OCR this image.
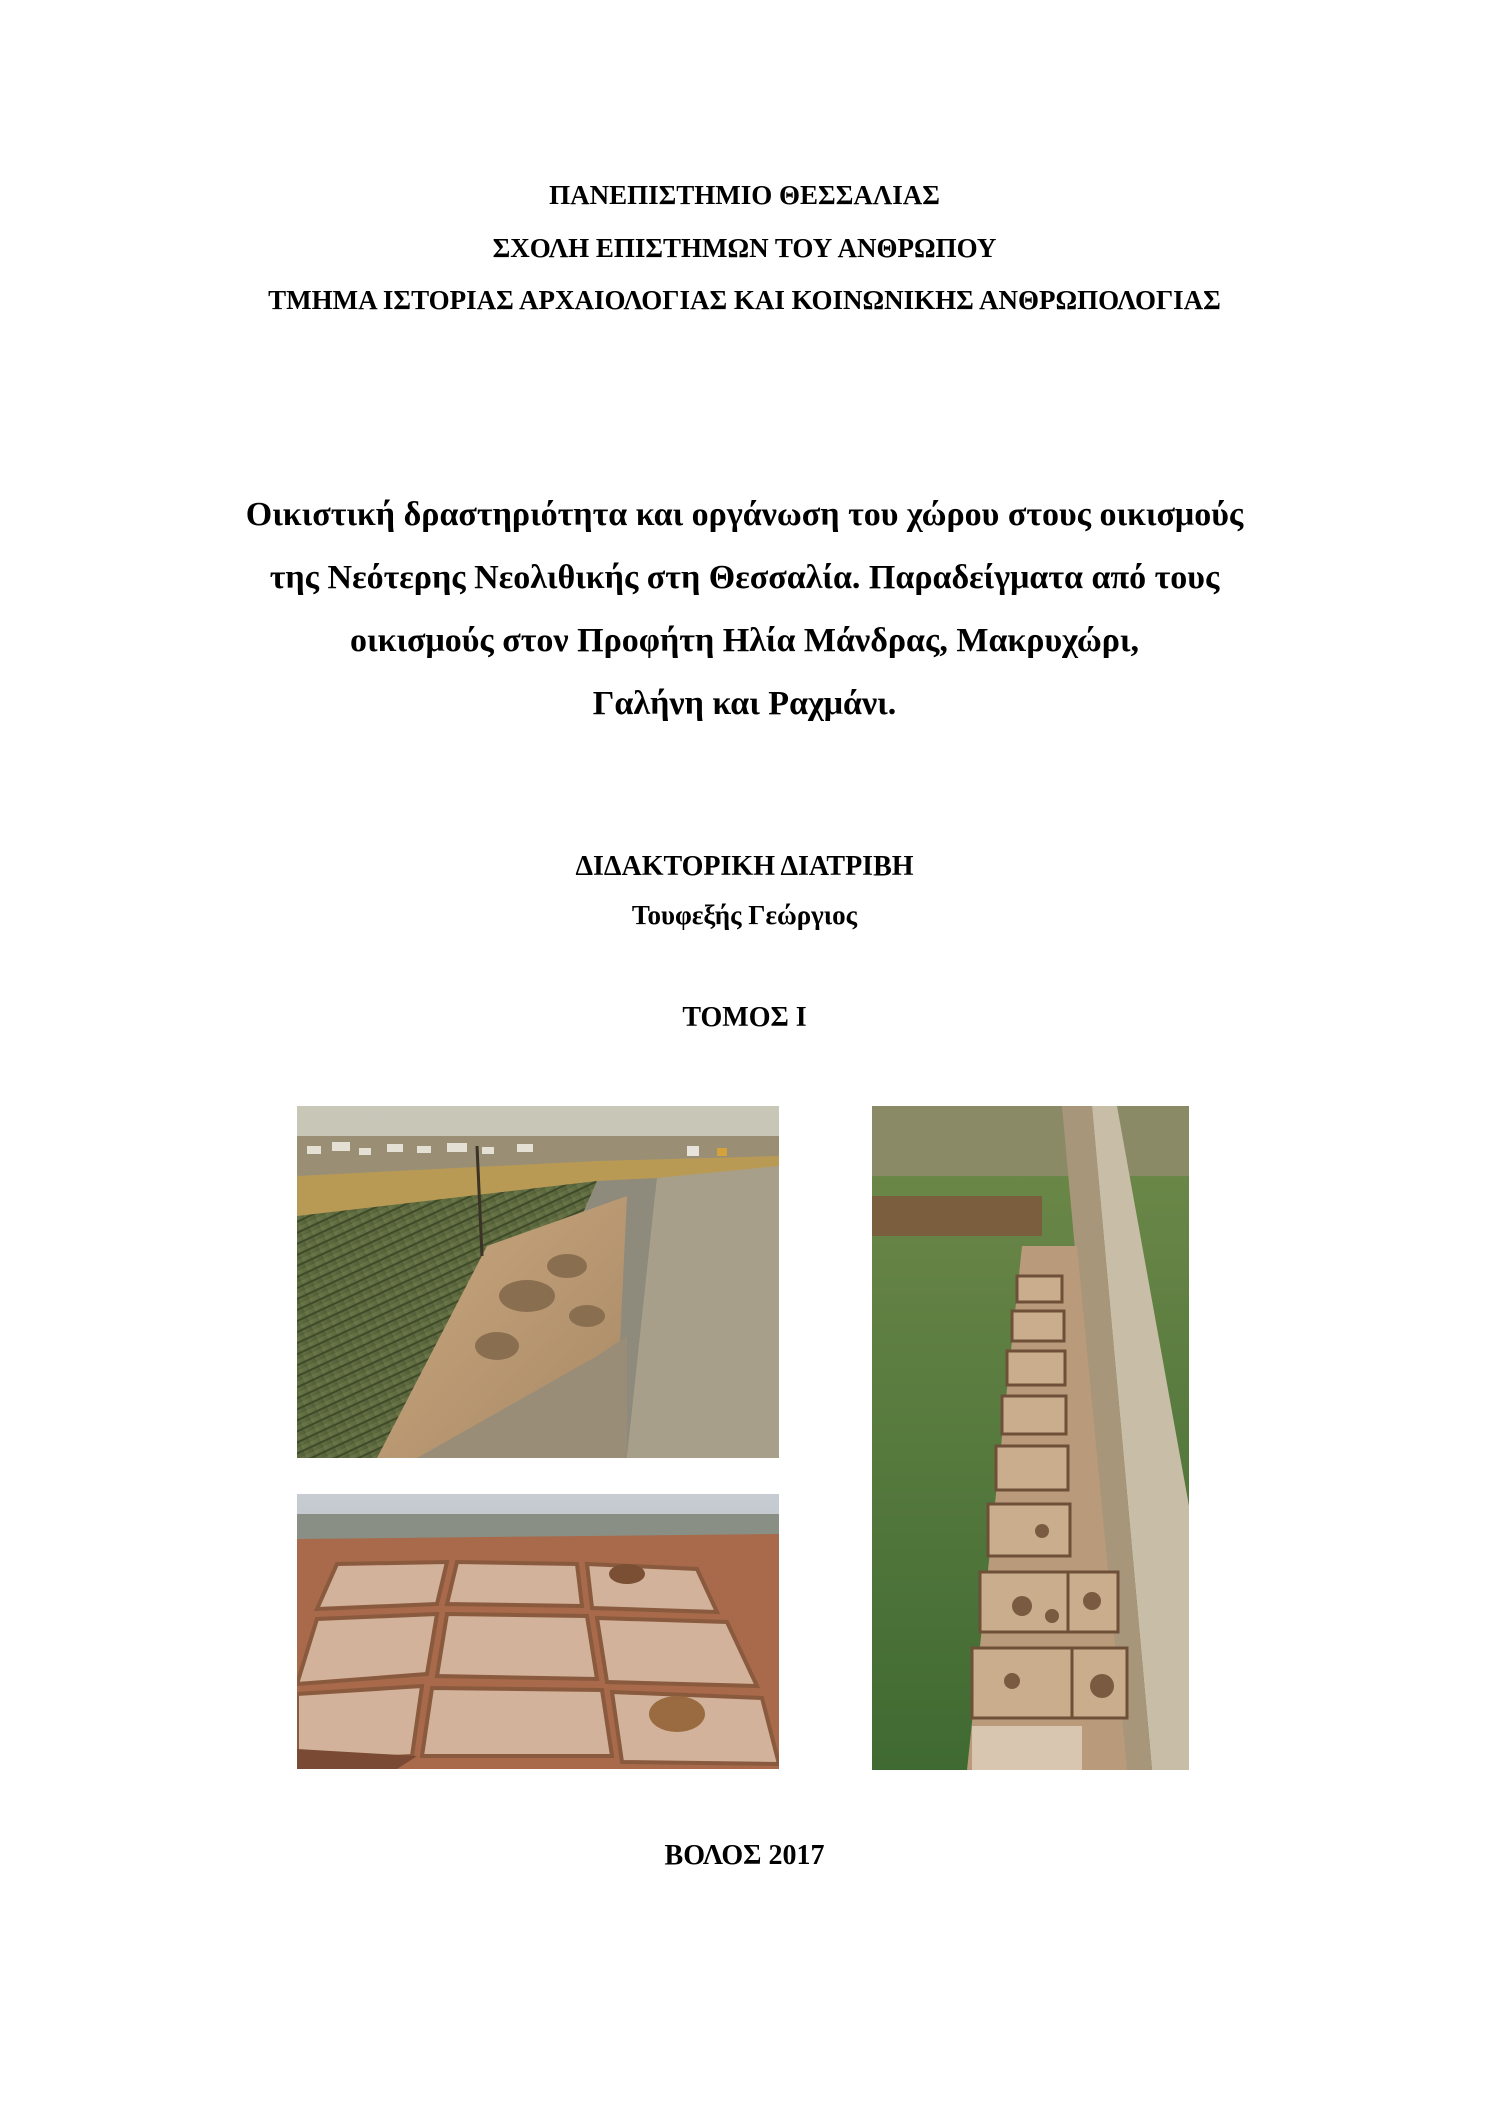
ΠΑΝΕΠΙΣΤΗΜΙΟ ΘΕΣΣΑΛΙΑΣ
ΣΧΟΛΗ ΕΠΙΣΤΗΜΩΝ ΤΟΥ ΑΝΘΡΩΠΟΥ
ΤΜΗΜΑ ΙΣΤΟΡΙΑΣ ΑΡΧΑΙΟΛΟΓΙΑΣ ΚΑΙ ΚΟΙΝΩΝΙΚΗΣ ΑΝΘΡΩΠΟΛΟΓΙΑΣ
Οικιστική δραστηριότητα και οργάνωση του χώρου στους οικισμούς
της Νεότερης Νεολιθικής στη Θεσσαλία. Παραδείγματα από τους
οικισμούς στον Προφήτη Ηλία Μάνδρας, Μακρυχώρι,
Γαλήνη και Ραχμάνι.
ΔΙΔΑΚΤΟΡΙΚΗ ΔΙΑΤΡΙΒΗ
Τουφεξής Γεώργιος
ΤΟΜΟΣ Ι
ΒΟΛΟΣ 2017
